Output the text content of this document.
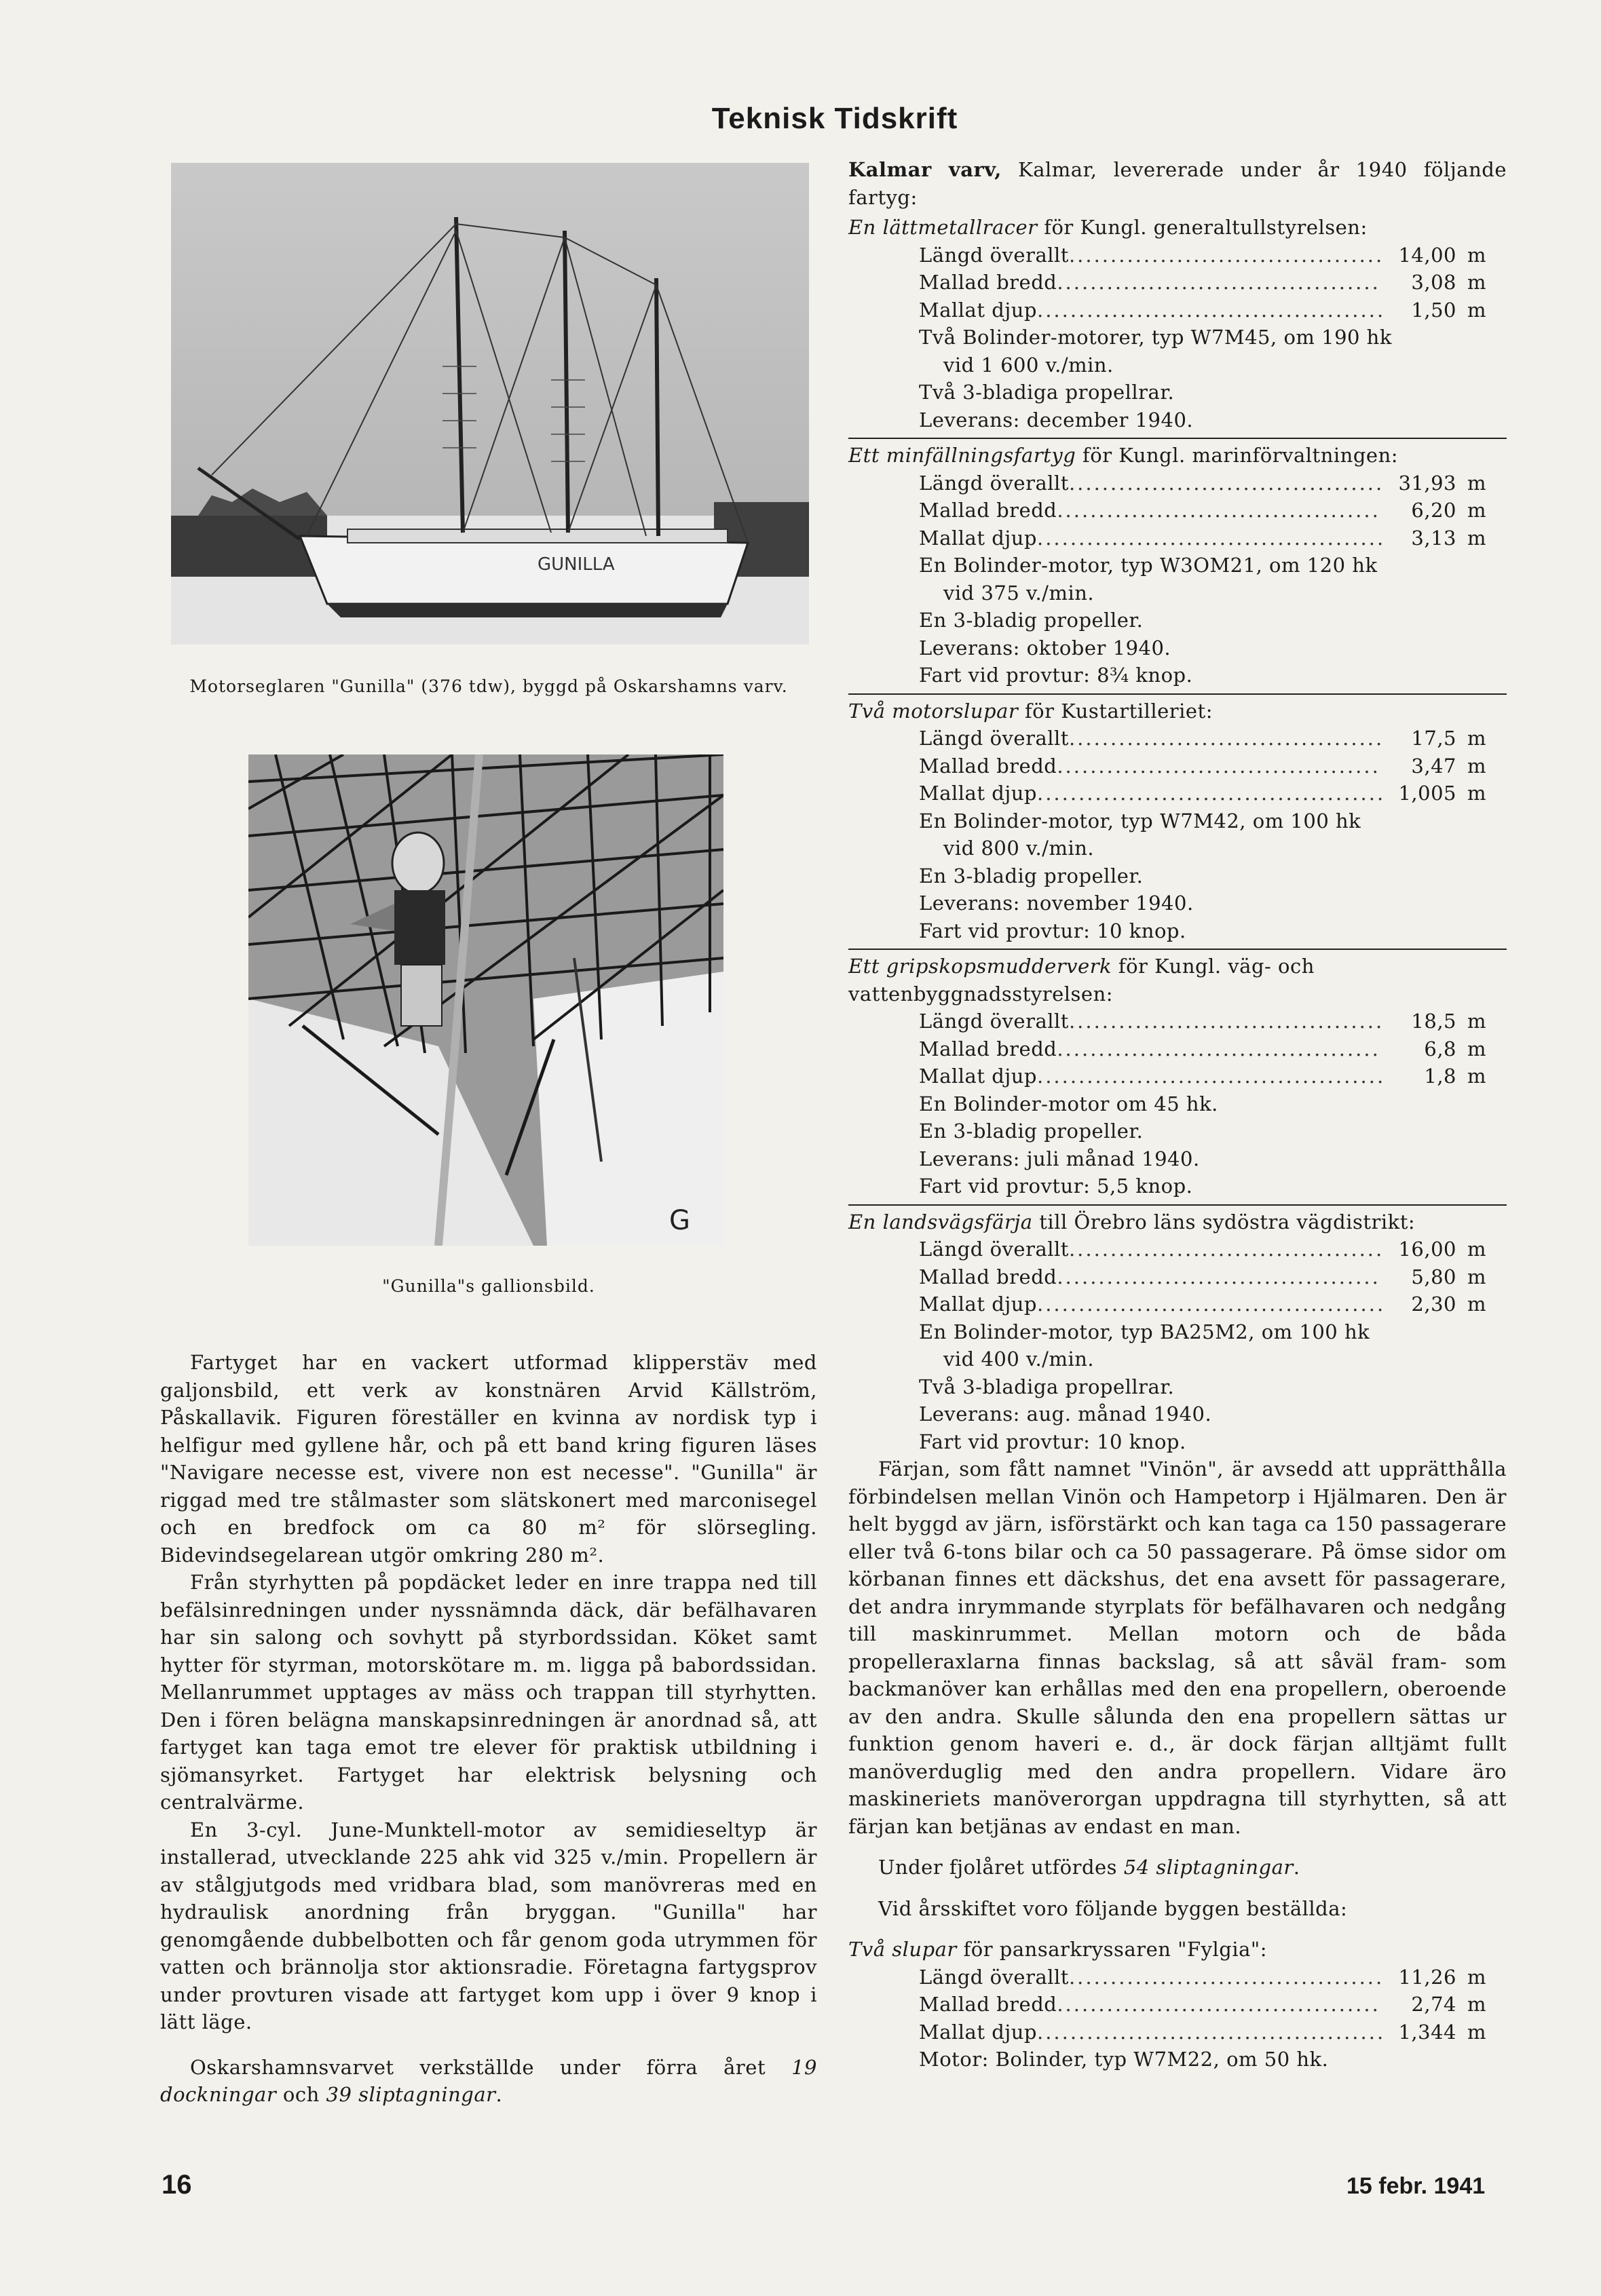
Teknisk Tidskrift
GUNILLA
Motorseglaren "Gunilla" (376 tdw), byggd på Oskarshamns varv.
G
"Gunilla"s gallionsbild.

Fartyget har en vackert utformad klipperstäv med galjonsbild, ett verk av konstnären Arvid Källström, Påskallavik. Figuren föreställer en kvinna av nordisk typ i helfigur med gyllene hår, och på ett band kring figuren läses "Navigare necesse est, vivere non est necesse". "Gunilla" är riggad med tre stålmaster som slätskonert med marconisegel och en bredfock om ca 80 m² för slörsegling. Bidevindsegelarean utgör omkring 280 m².

Från styrhytten på popdäcket leder en inre trappa ned till befälsinredningen under nyssnämnda däck, där befälhavaren har sin salong och sovhytt på styrbordssidan. Köket samt hytter för styrman, motorskötare m. m. ligga på babordssidan. Mellanrummet upptages av mäss och trappan till styrhytten. Den i fören belägna manskapsinredningen är anordnad så, att fartyget kan taga emot tre elever för praktisk utbildning i sjömansyrket. Fartyget har elektrisk belysning och centralvärme.

En 3-cyl. June-Munktell-motor av semidieseltyp är installerad, utvecklande 225 ahk vid 325 v./min. Propellern är av stålgjutgods med vridbara blad, som manövreras med en hydraulisk anordning från bryggan. "Gunilla" har genomgående dubbelbotten och får genom goda utrymmen för vatten och brännolja stor aktionsradie. Företagna fartygsprov under provturen visade att fartyget kom upp i över 9 knop i lätt läge.

Oskarshamnsvarvet verkställde under förra året 19 dockningar och 39 sliptagningar.

Kalmar varv, Kalmar, levererade under år 1940 följande fartyg:
En lättmetallracer för Kungl. generaltullstyrelsen:
Längd överallt .....	14,00 m
Mallad bredd .....	3,08 m
Mallat djup .....	1,50 m
Två Bolinder-motorer, typ W7M45, om 190 hk
vid 1 600 v./min.
Två 3-bladiga propellrar.
Leverans: december 1940.
Ett minfällningsfartyg för Kungl. marinförvaltningen:
Längd överallt .....	31,93 m
Mallad bredd .....	6,20 m
Mallat djup .....	3,13 m
En Bolinder-motor, typ W3OM21, om 120 hk
vid 375 v./min.
En 3-bladig propeller.
Leverans: oktober 1940.
Fart vid provtur: 8¾ knop.
Två motorslupar för Kustartilleriet:
Längd överallt .....	17,5 m
Mallad bredd .....	3,47 m
Mallat djup .....	1,005 m
En Bolinder-motor, typ W7M42, om 100 hk
vid 800 v./min.
En 3-bladig propeller.
Leverans: november 1940.
Fart vid provtur: 10 knop.
Ett gripskopsmudderverk för Kungl. väg- och vattenbyggnadsstyrelsen:
Längd överallt .....	18,5 m
Mallad bredd .....	6,8 m
Mallat djup .....	1,8 m
En Bolinder-motor om 45 hk.
En 3-bladig propeller.
Leverans: juli månad 1940.
Fart vid provtur: 5,5 knop.
En landsvägsfärja till Örebro läns sydöstra vägdistrikt:
Längd överallt .....	16,00 m
Mallad bredd .....	5,80 m
Mallat djup .....	2,30 m
En Bolinder-motor, typ BA25M2, om 100 hk
vid 400 v./min.
Två 3-bladiga propellrar.
Leverans: aug. månad 1940.
Fart vid provtur: 10 knop.
Färjan, som fått namnet "Vinön", är avsedd att upprätthålla förbindelsen mellan Vinön och Hampetorp i Hjälmaren. Den är helt byggd av järn, isförstärkt och kan taga ca 150 passagerare eller två 6-tons bilar och ca 50 passagerare. På ömse sidor om körbanan finnes ett däckshus, det ena avsett för passagerare, det andra inrymmande styrplats för befälhavaren och nedgång till maskinrummet. Mellan motorn och de båda propelleraxlarna finnas backslag, så att såväl fram- som backmanöver kan erhållas med den ena propellern, oberoende av den andra. Skulle sålunda den ena propellern sättas ur funktion genom haveri e. d., är dock färjan alltjämt fullt manöverduglig med den andra propellern. Vidare äro maskineriets manöverorgan uppdragna till styrhytten, så att färjan kan betjänas av endast en man.
Under fjolåret utfördes 54 sliptagningar.
Vid årsskiftet voro följande byggen beställda:
Två slupar för pansarkryssaren "Fylgia":
Längd överallt .....	11,26 m
Mallad bredd .....	2,74 m
Mallat djup .....	1,344 m
Motor: Bolinder, typ W7M22, om 50 hk.
16	15 febr. 1941
